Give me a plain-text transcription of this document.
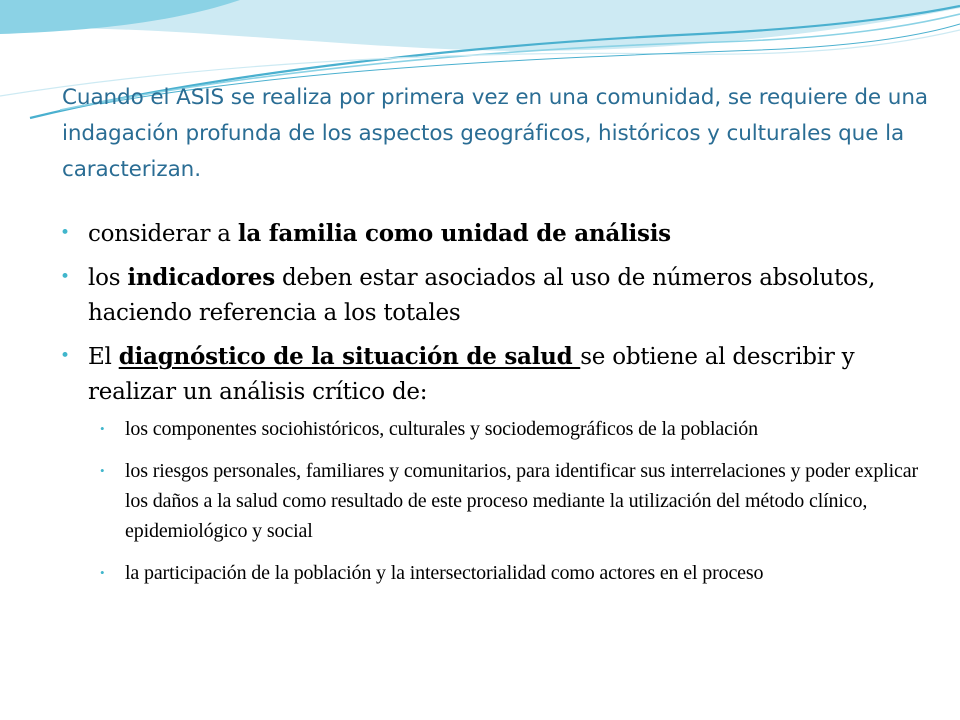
Cuando el ASIS se realiza por primera vez en una comunidad, se requiere de una indagación profunda de los aspectos geográficos, históricos y culturales que la caracterizan.
• considerar a la familia como unidad de análisis
• los indicadores deben estar asociados al uso de números absolutos, haciendo referencia a los totales
• El diagnóstico de la situación de salud se obtiene al describir y realizar un análisis crítico de:
• los componentes sociohistóricos, culturales y sociodemográficos de la población
• los riesgos personales, familiares y comunitarios, para identificar sus interrelaciones y poder explicar los daños a la salud como resultado de este proceso mediante la utilización del método clínico, epidemiológico y social
• la participación de la población y la intersectorialidad como actores en el proceso
